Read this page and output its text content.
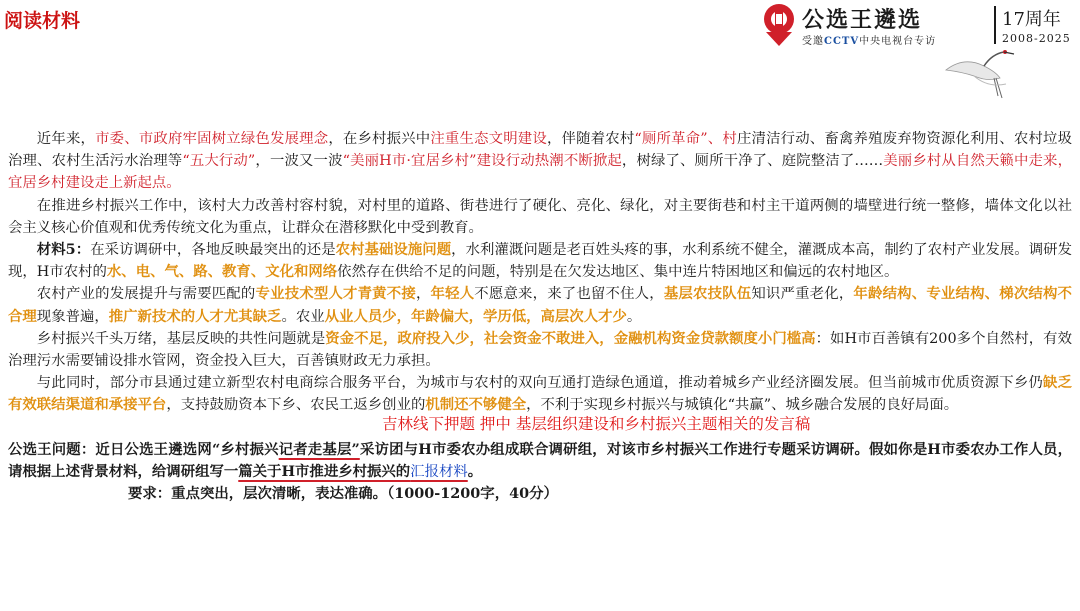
阅读材料	公选王遴选	17周年
受邀CCTV中央电视台专访	2008-2025

近年来，市委、市政府牢固树立绿色发展理念，在乡村振兴中注重生态文明建设，伴随着农村“厕所革命”、村庄清洁行动、畜禽养殖废弃物资源化利用、农村垃圾治理、农村生活污水治理等“五大行动”，一波又一波“美丽H市·宜居乡村”建设行动热潮不断掀起，树绿了、厕所干净了、庭院整洁了……美丽乡村从自然天籁中走来，宜居乡村建设走上新起点。

在推进乡村振兴工作中，该村大力改善村容村貌，对村里的道路、街巷进行了硬化、亮化、绿化，对主要街巷和村主干道两侧的墙壁进行统一整修，墙体文化以社会主义核心价值观和优秀传统文化为重点，让群众在潜移默化中受到教育。

材料5：在采访调研中，各地反映最突出的还是农村基础设施问题，水利灌溉问题是老百姓头疼的事，水利系统不健全，灌溉成本高，制约了农村产业发展。调研发现，H市农村的水、电、气、路、教育、文化和网络依然存在供给不足的问题，特别是在欠发达地区、集中连片特困地区和偏远的农村地区。

农村产业的发展提升与需要匹配的专业技术型人才青黄不接，年轻人不愿意来，来了也留不住人，基层农技队伍知识严重老化，年龄结构、专业结构、梯次结构不合理现象普遍，推广新技术的人才尤其缺乏。农业从业人员少，年龄偏大，学历低，高层次人才少。

乡村振兴千头万绪，基层反映的共性问题就是资金不足，政府投入少，社会资金不敢进入，金融机构资金贷款额度小门槛高：如H市百善镇有200多个自然村，有效治理污水需要铺设排水管网，资金投入巨大，百善镇财政无力承担。

与此同时，部分市县通过建立新型农村电商综合服务平台，为城市与农村的双向互通打造绿色通道，推动着城乡产业经济圈发展。但当前城市优质资源下乡仍缺乏有效联结渠道和承接平台，支持鼓励资本下乡、农民工返乡创业的机制还不够健全，不利于实现乡村振兴与城镇化“共赢”、城乡融合发展的良好局面。

吉林线下押题 押中 基层组织建设和乡村振兴主题相关的发言稿

公选王问题：近日公选王遴选网“乡村振兴记者走基层”采访团与H市委农办组成联合调研组，对该市乡村振兴工作进行专题采访调研。假如你是H市委农办工作人员，请根据上述背景材料，给调研组写一篇关于H市推进乡村振兴的汇报材料。

要求：重点突出，层次清晰，表达准确。（1000-1200字，40分）
